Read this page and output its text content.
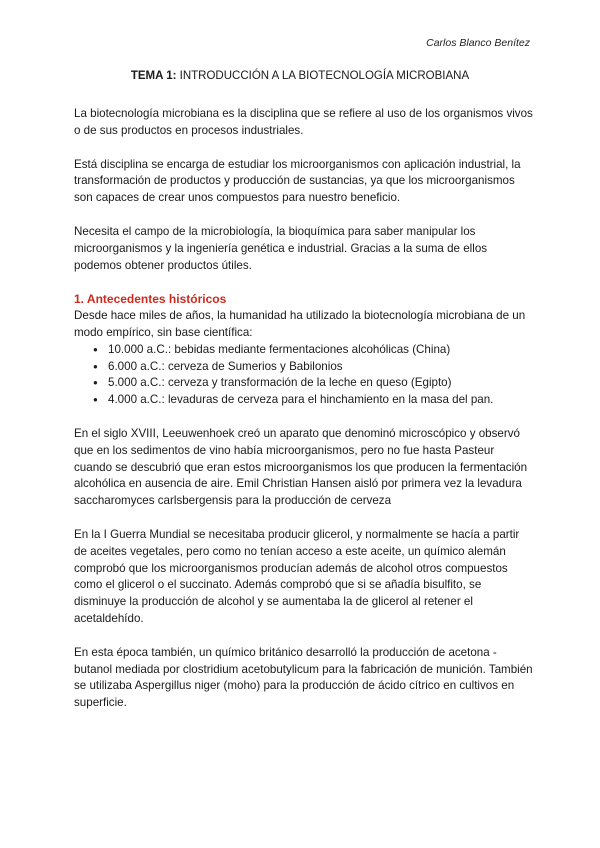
Carlos Blanco Benítez
TEMA 1: INTRODUCCIÓN A LA BIOTECNOLOGÍA MICROBIANA

La biotecnología microbiana es la disciplina que se refiere al uso de los organismos vivos o de sus productos en procesos industriales.

Está disciplina se encarga de estudiar los microorganismos con aplicación industrial, la transformación de productos y producción de sustancias, ya que los microorganismos son capaces de crear unos compuestos para nuestro beneficio.

Necesita el campo de la microbiología, la bioquímica para saber manipular los microorganismos y la ingeniería genética e industrial. Gracias a la suma de ellos podemos obtener productos útiles.

1. Antecedentes históricos
Desde hace miles de años, la humanidad ha utilizado la biotecnología microbiana de un modo empírico, sin base científica:
● 10.000 a.C.: bebidas mediante fermentaciones alcohólicas (China)
● 6.000 a.C.: cerveza de Sumerios y Babilonios
● 5.000 a.C.: cerveza y transformación de la leche en queso (Egipto)
● 4.000 a.C.: levaduras de cerveza para el hinchamiento en la masa del pan.

En el siglo XVIII, Leeuwenhoek creó un aparato que denominó microscópico y observó que en los sedimentos de vino había microorganismos, pero no fue hasta Pasteur cuando se descubrió que eran estos microorganismos los que producen la fermentación alcohólica en ausencia de aire. Emil Christian Hansen aisló por primera vez la levadura saccharomyces carlsbergensis para la producción de cerveza

En la I Guerra Mundial se necesitaba producir glicerol, y normalmente se hacía a partir de aceites vegetales, pero como no tenían acceso a este aceite, un químico alemán comprobó que los microorganismos producían además de alcohol otros compuestos como el glicerol o el succinato. Además comprobó que si se añadía bisulfito, se disminuye la producción de alcohol y se aumentaba la de glicerol al retener el acetaldehído.

En esta época también, un químico británico desarrolló la producción de acetona - butanol mediada por clostridium acetobutylicum para la fabricación de munición. También se utilizaba Aspergillus niger (moho) para la producción de ácido cítrico en cultivos en superficie.
